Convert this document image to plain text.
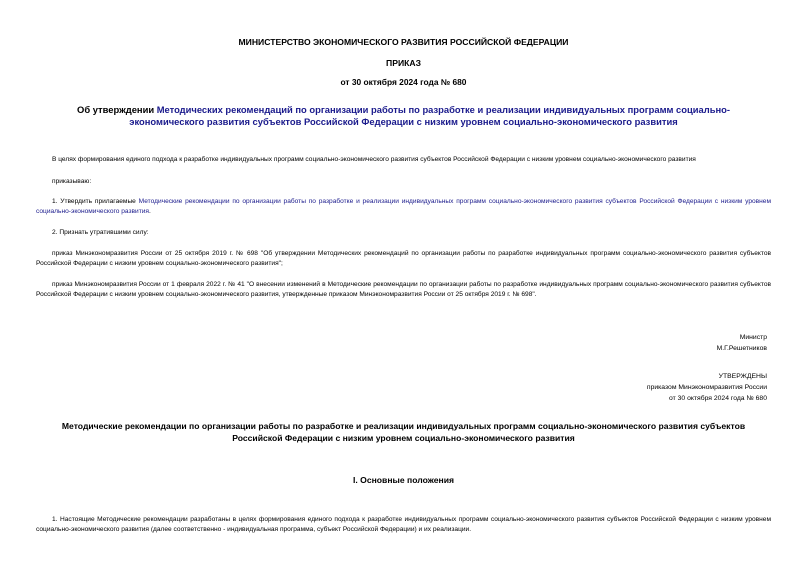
МИНИСТЕРСТВО ЭКОНОМИЧЕСКОГО РАЗВИТИЯ РОССИЙСКОЙ ФЕДЕРАЦИИ
ПРИКАЗ
от 30 октября 2024 года № 680
Об утверждении Методических рекомендаций по организации работы по разработке и реализации индивидуальных программ социально-экономического развития субъектов Российской Федерации с низким уровнем социально-экономического развития
В целях формирования единого подхода к разработке индивидуальных программ социально-экономического развития субъектов Российской Федерации с низким уровнем социально-экономического развития
приказываю:
1. Утвердить прилагаемые Методические рекомендации по организации работы по разработке и реализации индивидуальных программ социально-экономического развития субъектов Российской Федерации с низким уровнем социально-экономического развития.
2. Признать утратившими силу:
приказ Минэкономразвития России от 25 октября 2019 г. № 698 "Об утверждении Методических рекомендаций по организации работы по разработке индивидуальных программ социально-экономического развития субъектов Российской Федерации с низким уровнем социально-экономического развития";
приказ Минэкономразвития России от 1 февраля 2022 г. № 41 "О внесении изменений в Методические рекомендации по организации работы по разработке индивидуальных программ социально-экономического развития субъектов Российской Федерации с низким уровнем социально-экономического развития, утвержденные приказом Минэкономразвития России от 25 октября 2019 г. № 698".
Министр
М.Г.Решетников
УТВЕРЖДЕНЫ
приказом Минэкономразвития России
от 30 октября 2024 года № 680
Методические рекомендации по организации работы по разработке и реализации индивидуальных программ социально-экономического развития субъектов Российской Федерации с низким уровнем социально-экономического развития
I. Основные положения
1. Настоящие Методические рекомендации разработаны в целях формирования единого подхода к разработке индивидуальных программ социально-экономического развития субъектов Российской Федерации с низким уровнем социально-экономического развития (далее соответственно - индивидуальная программа, субъект Российской Федерации) и их реализации.
